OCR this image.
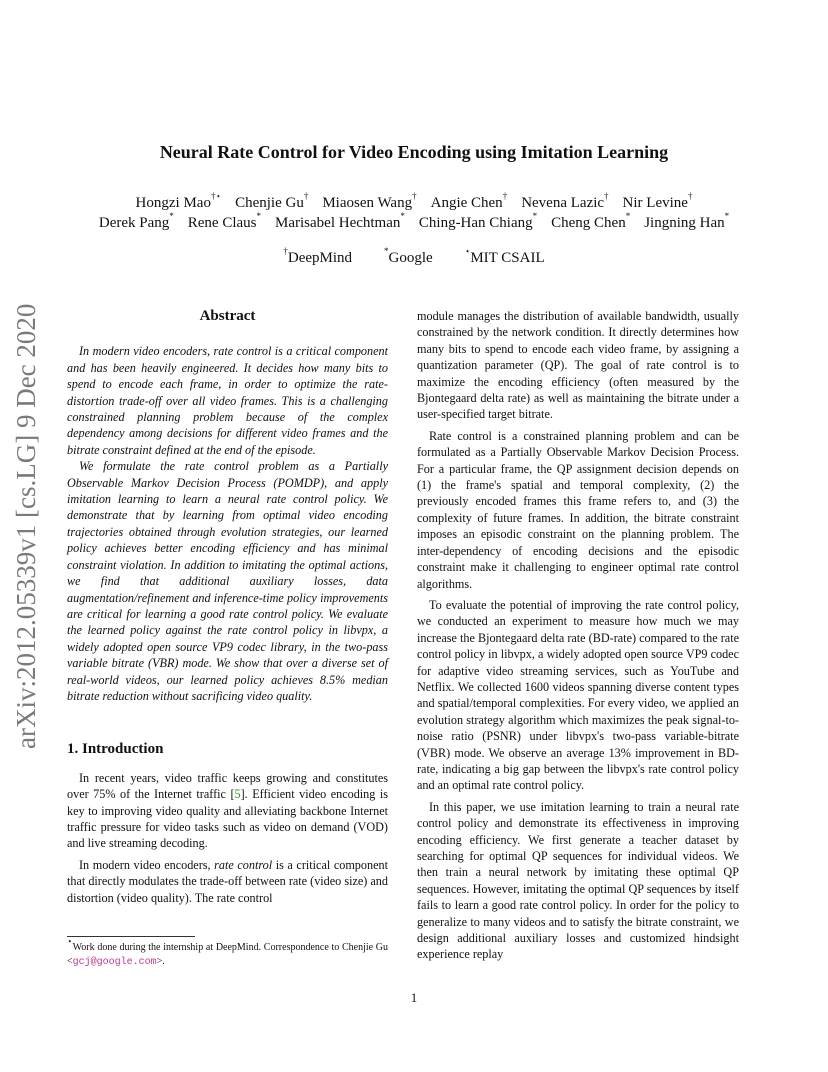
arXiv:2012.05339v1 [cs.LG] 9 Dec 2020
Neural Rate Control for Video Encoding using Imitation Learning
Hongzi Mao†⋆ Chenjie Gu† Miaosen Wang† Angie Chen† Nevena Lazic† Nir Levine†
Derek Pang* Rene Claus* Marisabel Hechtman* Ching-Han Chiang* Cheng Chen* Jingning Han*
†DeepMind	*Google	⋆MIT CSAIL
Abstract

In modern video encoders, rate control is a critical component and has been heavily engineered. It decides how many bits to spend to encode each frame, in order to optimize the rate-distortion trade-off over all video frames. This is a challenging constrained planning problem because of the complex dependency among decisions for different video frames and the bitrate constraint defined at the end of the episode.

We formulate the rate control problem as a Partially Observable Markov Decision Process (POMDP), and apply imitation learning to learn a neural rate control policy. We demonstrate that by learning from optimal video encoding trajectories obtained through evolution strategies, our learned policy achieves better encoding efficiency and has minimal constraint violation. In addition to imitating the optimal actions, we find that additional auxiliary losses, data augmentation/refinement and inference-time policy improvements are critical for learning a good rate control policy. We evaluate the learned policy against the rate control policy in libvpx, a widely adopted open source VP9 codec library, in the two-pass variable bitrate (VBR) mode. We show that over a diverse set of real-world videos, our learned policy achieves 8.5% median bitrate reduction without sacrificing video quality.

1. Introduction

In recent years, video traffic keeps growing and constitutes over 75% of the Internet traffic [5]. Efficient video encoding is key to improving video quality and alleviating backbone Internet traffic pressure for video tasks such as video on demand (VOD) and live streaming decoding.

In modern video encoders, rate control is a critical component that directly modulates the trade-off between rate (video size) and distortion (video quality). The rate control

⋆Work done during the internship at DeepMind. Correspondence to Chenjie Gu <gcj@google.com>.

module manages the distribution of available bandwidth, usually constrained by the network condition. It directly determines how many bits to spend to encode each video frame, by assigning a quantization parameter (QP). The goal of rate control is to maximize the encoding efficiency (often measured by the Bjontegaard delta rate) as well as maintaining the bitrate under a user-specified target bitrate.

Rate control is a constrained planning problem and can be formulated as a Partially Observable Markov Decision Process. For a particular frame, the QP assignment decision depends on (1) the frame's spatial and temporal complexity, (2) the previously encoded frames this frame refers to, and (3) the complexity of future frames. In addition, the bitrate constraint imposes an episodic constraint on the planning problem. The inter-dependency of encoding decisions and the episodic constraint make it challenging to engineer optimal rate control algorithms.

To evaluate the potential of improving the rate control policy, we conducted an experiment to measure how much we may increase the Bjontegaard delta rate (BD-rate) compared to the rate control policy in libvpx, a widely adopted open source VP9 codec for adaptive video streaming services, such as YouTube and Netflix. We collected 1600 videos spanning diverse content types and spatial/temporal complexities. For every video, we applied an evolution strategy algorithm which maximizes the peak signal-to-noise ratio (PSNR) under libvpx's two-pass variable-bitrate (VBR) mode. We observe an average 13% improvement in BD-rate, indicating a big gap between the libvpx's rate control policy and an optimal rate control policy.

In this paper, we use imitation learning to train a neural rate control policy and demonstrate its effectiveness in improving encoding efficiency. We first generate a teacher dataset by searching for optimal QP sequences for individual videos. We then train a neural network by imitating these optimal QP sequences. However, imitating the optimal QP sequences by itself fails to learn a good rate control policy. In order for the policy to generalize to many videos and to satisfy the bitrate constraint, we design additional auxiliary losses and customized hindsight experience replay

1
